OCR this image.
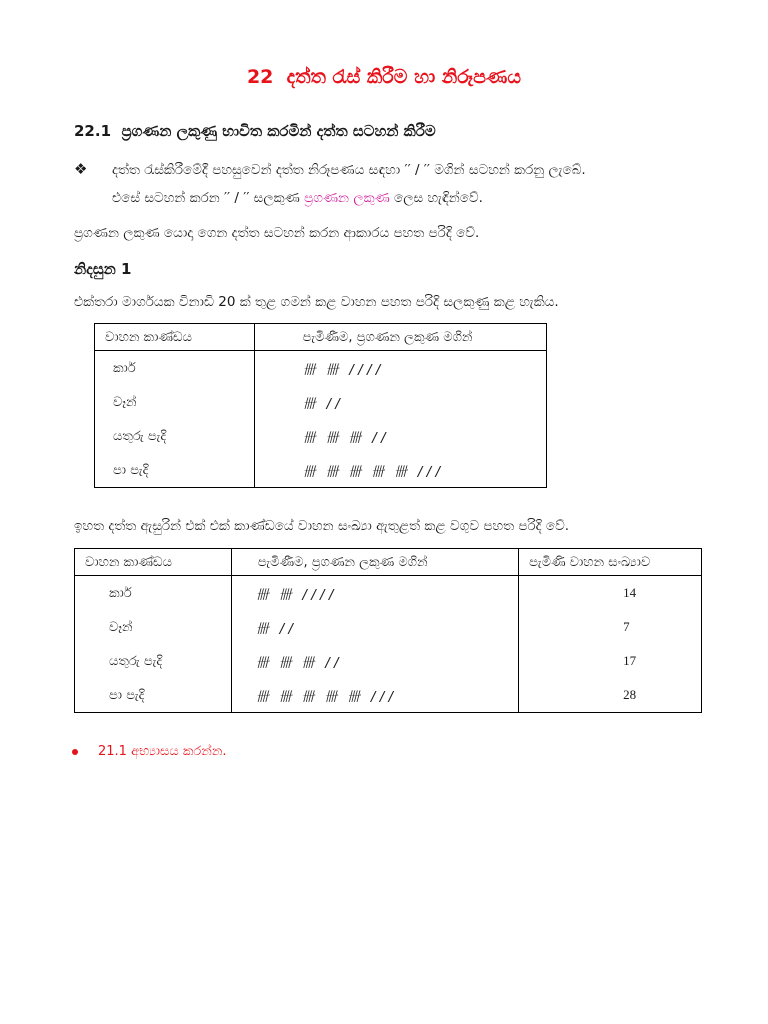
22 දත්ත රැස් කිරීම හා නිරූපණය
22.1 ප්‍රගණන ලකුණු භාවිත කරමින් දත්ත සටහන් කිරීම
❖ දත්ත රැස්කිරීමේදී පහසුවෙන් දත්ත නිරූපණය සඳහා ′′ / ′′ මගින් සටහන් කරනු ලැබේ.
එසේ සටහන් කරන ′′ / ′′ සලකුණ ප්‍රගණන ලකුණ ලෙස හැඳින්වේ.
ප්‍රගණන ලකුණ යොදා ගෙන දත්ත සටහන් කරන ආකාරය පහත පරිදි වේ.
නිදසුන 1
එක්තරා මාර්ගයක විනාඩි 20 ක් තුළ ගමන් කළ වාහන පහත පරිදි සලකුණු කළ හැකිය.
වාහන කාණ්ඩය	පැමිණීම, ප්‍රගණන ලකුණ මගින්
කාර්	卌 卌 ////
වෑන්	卌 //
යතුරු පැදි	卌 卌 卌 //
පා පැදි	卌 卌 卌 卌 卌 ///
ඉහත දත්ත ඇසුරින් එක් එක් කාණ්ඩයේ වාහන සංඛ්‍යා ඇතුළත් කළ වගුව පහත පරිදි වේ.
වාහන කාණ්ඩය	පැමිණීම, ප්‍රගණන ලකුණ මගින්	පැමිණි වාහන සංඛ්‍යාව
කාර්	卌 卌 ////	14
වෑන්	卌 //	7
යතුරු පැදි	卌 卌 卌 //	17
පා පැදි	卌 卌 卌 卌 卌 ///	28
21.1 අභ්‍යාසය කරන්න.
